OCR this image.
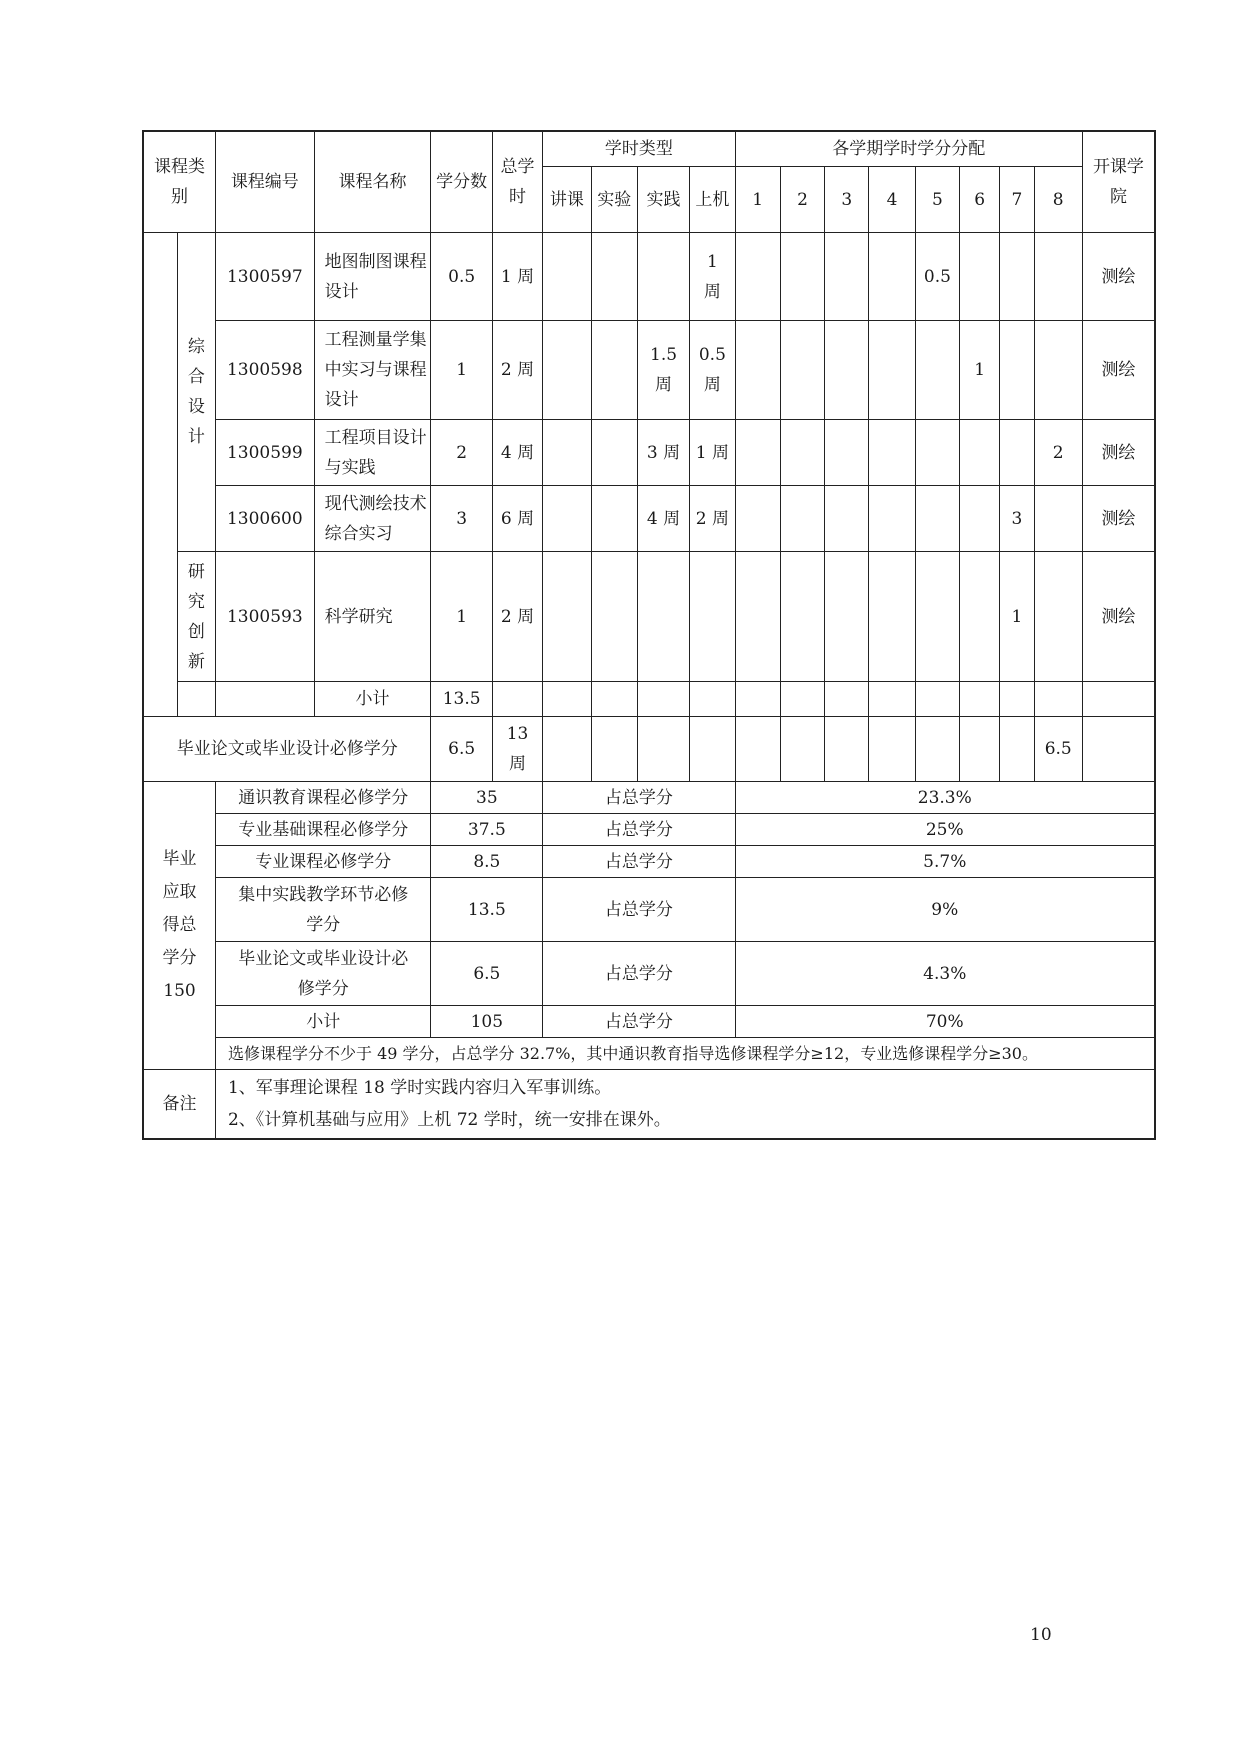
课程类别		课程编号	课程名称	学分数	总学时	学时类型				各学期学时学分分配								开课学院
						讲课	实验	实践	上机	1	2	3	4	5	6	7	8	

	综合设计	1300597	地图制图课程设计	0.5	1 周				1周					0.5				测绘
		1300598	工程测量学集中实习与课程设计	1	2 周			1.5周	0.5周						1			测绘
		1300599	工程项目设计与实践	2	4 周			3 周	1 周								2	测绘
		1300600	现代测绘技术综合实习	3	6 周			4 周	2 周							3		测绘

	研究创新	1300593	科学研究	1	2 周											1		测绘
			小计	13.5														
毕业论文或毕业设计必修学分				6.5	13 周												6.5	

毕业应取得总学分150		通识教育课程必修学分		35		占总学分				23.3%								
		专业基础课程必修学分		37.5		占总学分				25%								
		专业课程必修学分		8.5		占总学分				5.7%								

		集中实践教学环节必修学分		13.5		占总学分				9%								

		毕业论文或毕业设计必修学分		6.5		占总学分				4.3%								
		小计		105		占总学分				70%								
		选修课程学分不少于 49 学分，占总学分 32.7%，其中通识教育指导选修课程学分≥12，专业选修课程学分≥30。																
备注		1、军事理论课程 18 学时实践内容归入军事训练。
2、《计算机基础与应用》上机 72 学时，统一安排在课外。																
10
